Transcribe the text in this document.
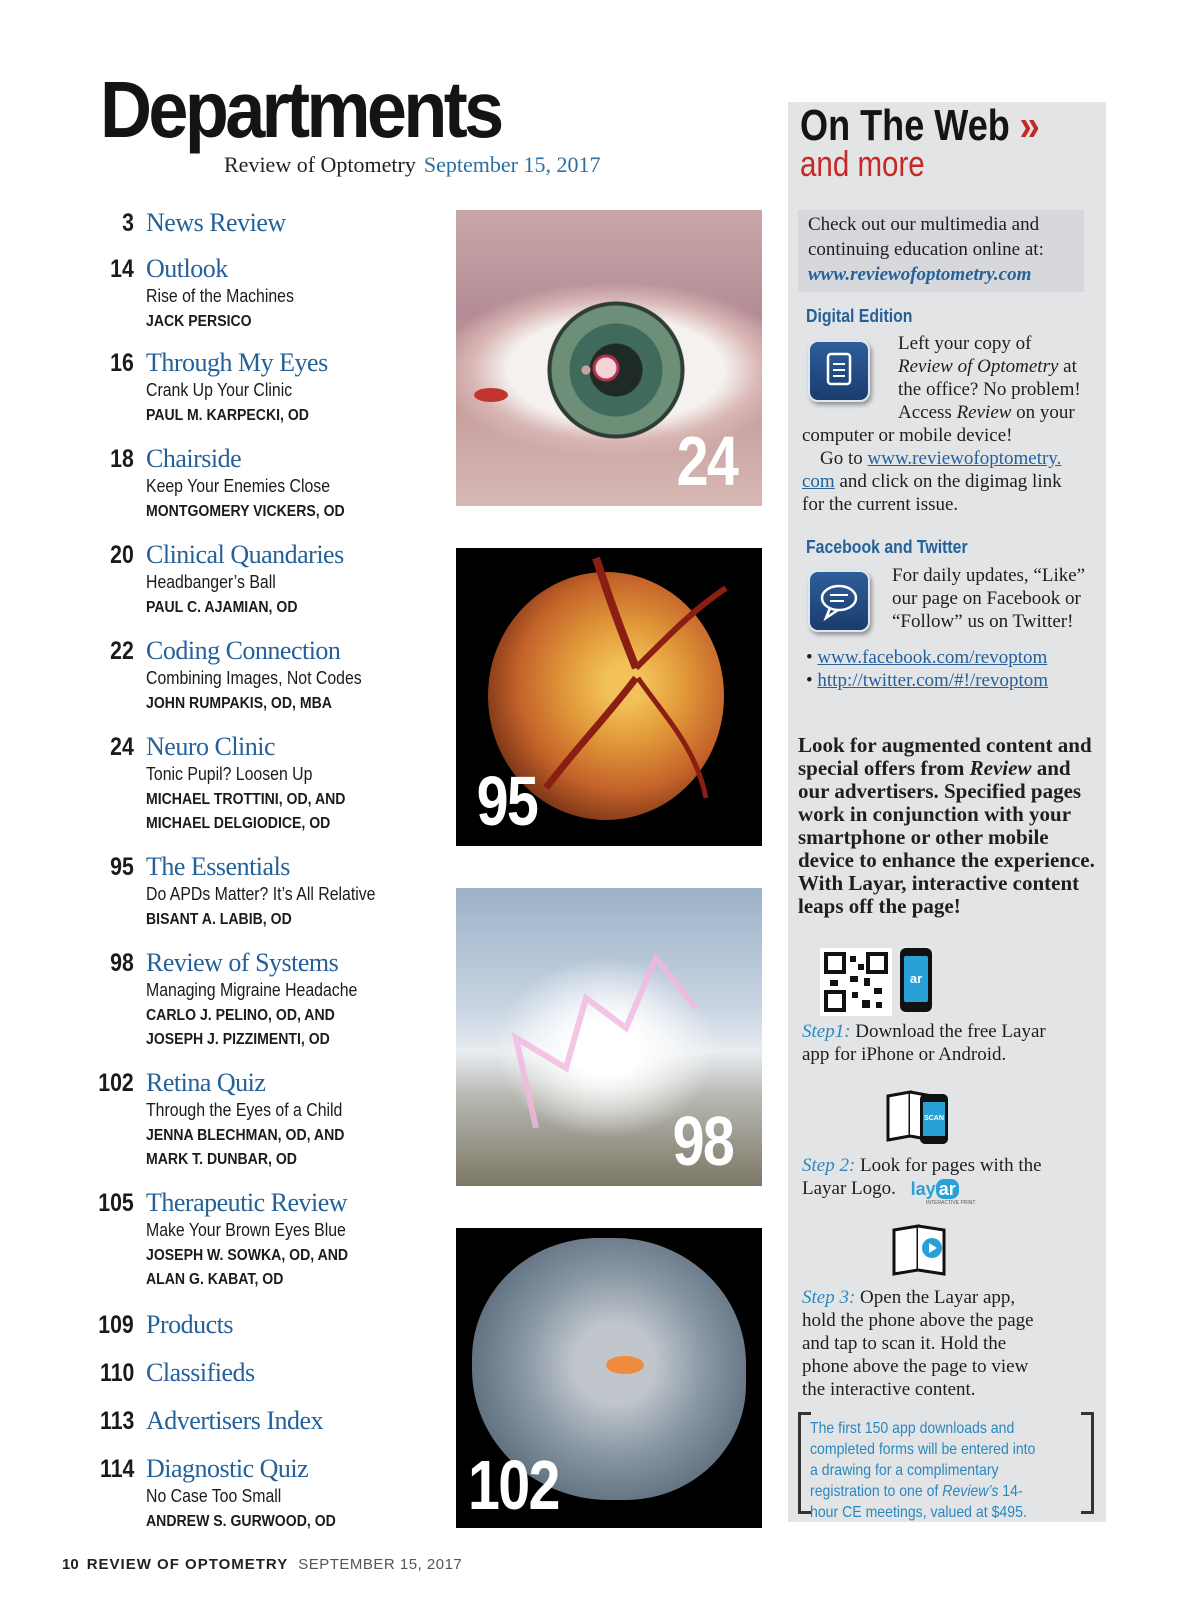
Departments
Review of Optometry September 15, 2017
3 News Review
14 Outlook
Rise of the Machines
JACK PERSICO
16 Through My Eyes
Crank Up Your Clinic
PAUL M. KARPECKI, OD
18 Chairside
Keep Your Enemies Close
MONTGOMERY VICKERS, OD
20 Clinical Quandaries
Headbanger’s Ball
PAUL C. AJAMIAN, OD
22 Coding Connection
Combining Images, Not Codes
JOHN RUMPAKIS, OD, MBA
24 Neuro Clinic
Tonic Pupil? Loosen Up
MICHAEL TROTTINI, OD, AND
MICHAEL DELGIODICE, OD
95 The Essentials
Do APDs Matter? It’s All Relative
BISANT A. LABIB, OD
98 Review of Systems
Managing Migraine Headache
CARLO J. PELINO, OD, AND
JOSEPH J. PIZZIMENTI, OD
102 Retina Quiz
Through the Eyes of a Child
JENNA BLECHMAN, OD, AND
MARK T. DUNBAR, OD
105 Therapeutic Review
Make Your Brown Eyes Blue
JOSEPH W. SOWKA, OD, AND
ALAN G. KABAT, OD
109 Products
110 Classifieds
113 Advertisers Index
114 Diagnostic Quiz
No Case Too Small
ANDREW S. GURWOOD, OD
24
95
98
102
On The Web »
and more
Check out our multimedia and
continuing education online at:
www.reviewofoptometry.com
Digital Edition
Left your copy of
Review of Optometry at
the office? No problem!
Access Review on your
computer or mobile device!
Go to www.reviewofoptometry.
com and click on the digimag link
for the current issue.
Facebook and Twitter
For daily updates, “Like”
our page on Facebook or
“Follow” us on Twitter!
• www.facebook.com/revoptom
• http://twitter.com/#!/revoptom
Look for augmented content and
special offers from Review and
our advertisers. Specified pages
work in conjunction with your
smartphone or other mobile
device to enhance the experience.
With Layar, interactive content
leaps off the page!
ar
Step1: Download the free Layar
app for iPhone or Android.
SCAN
Step 2: Look for pages with the
Layar Logo. lay ar
INTERACTIVE PRINT
Step 3: Open the Layar app,
hold the phone above the page
and tap to scan it. Hold the
phone above the page to view
the interactive content.
The first 150 app downloads and completed forms will be entered into a drawing for a complimentary registration to one of Review’s 14-hour CE meetings, valued at $495.
10 REVIEW OF OPTOMETRY SEPTEMBER 15, 2017
